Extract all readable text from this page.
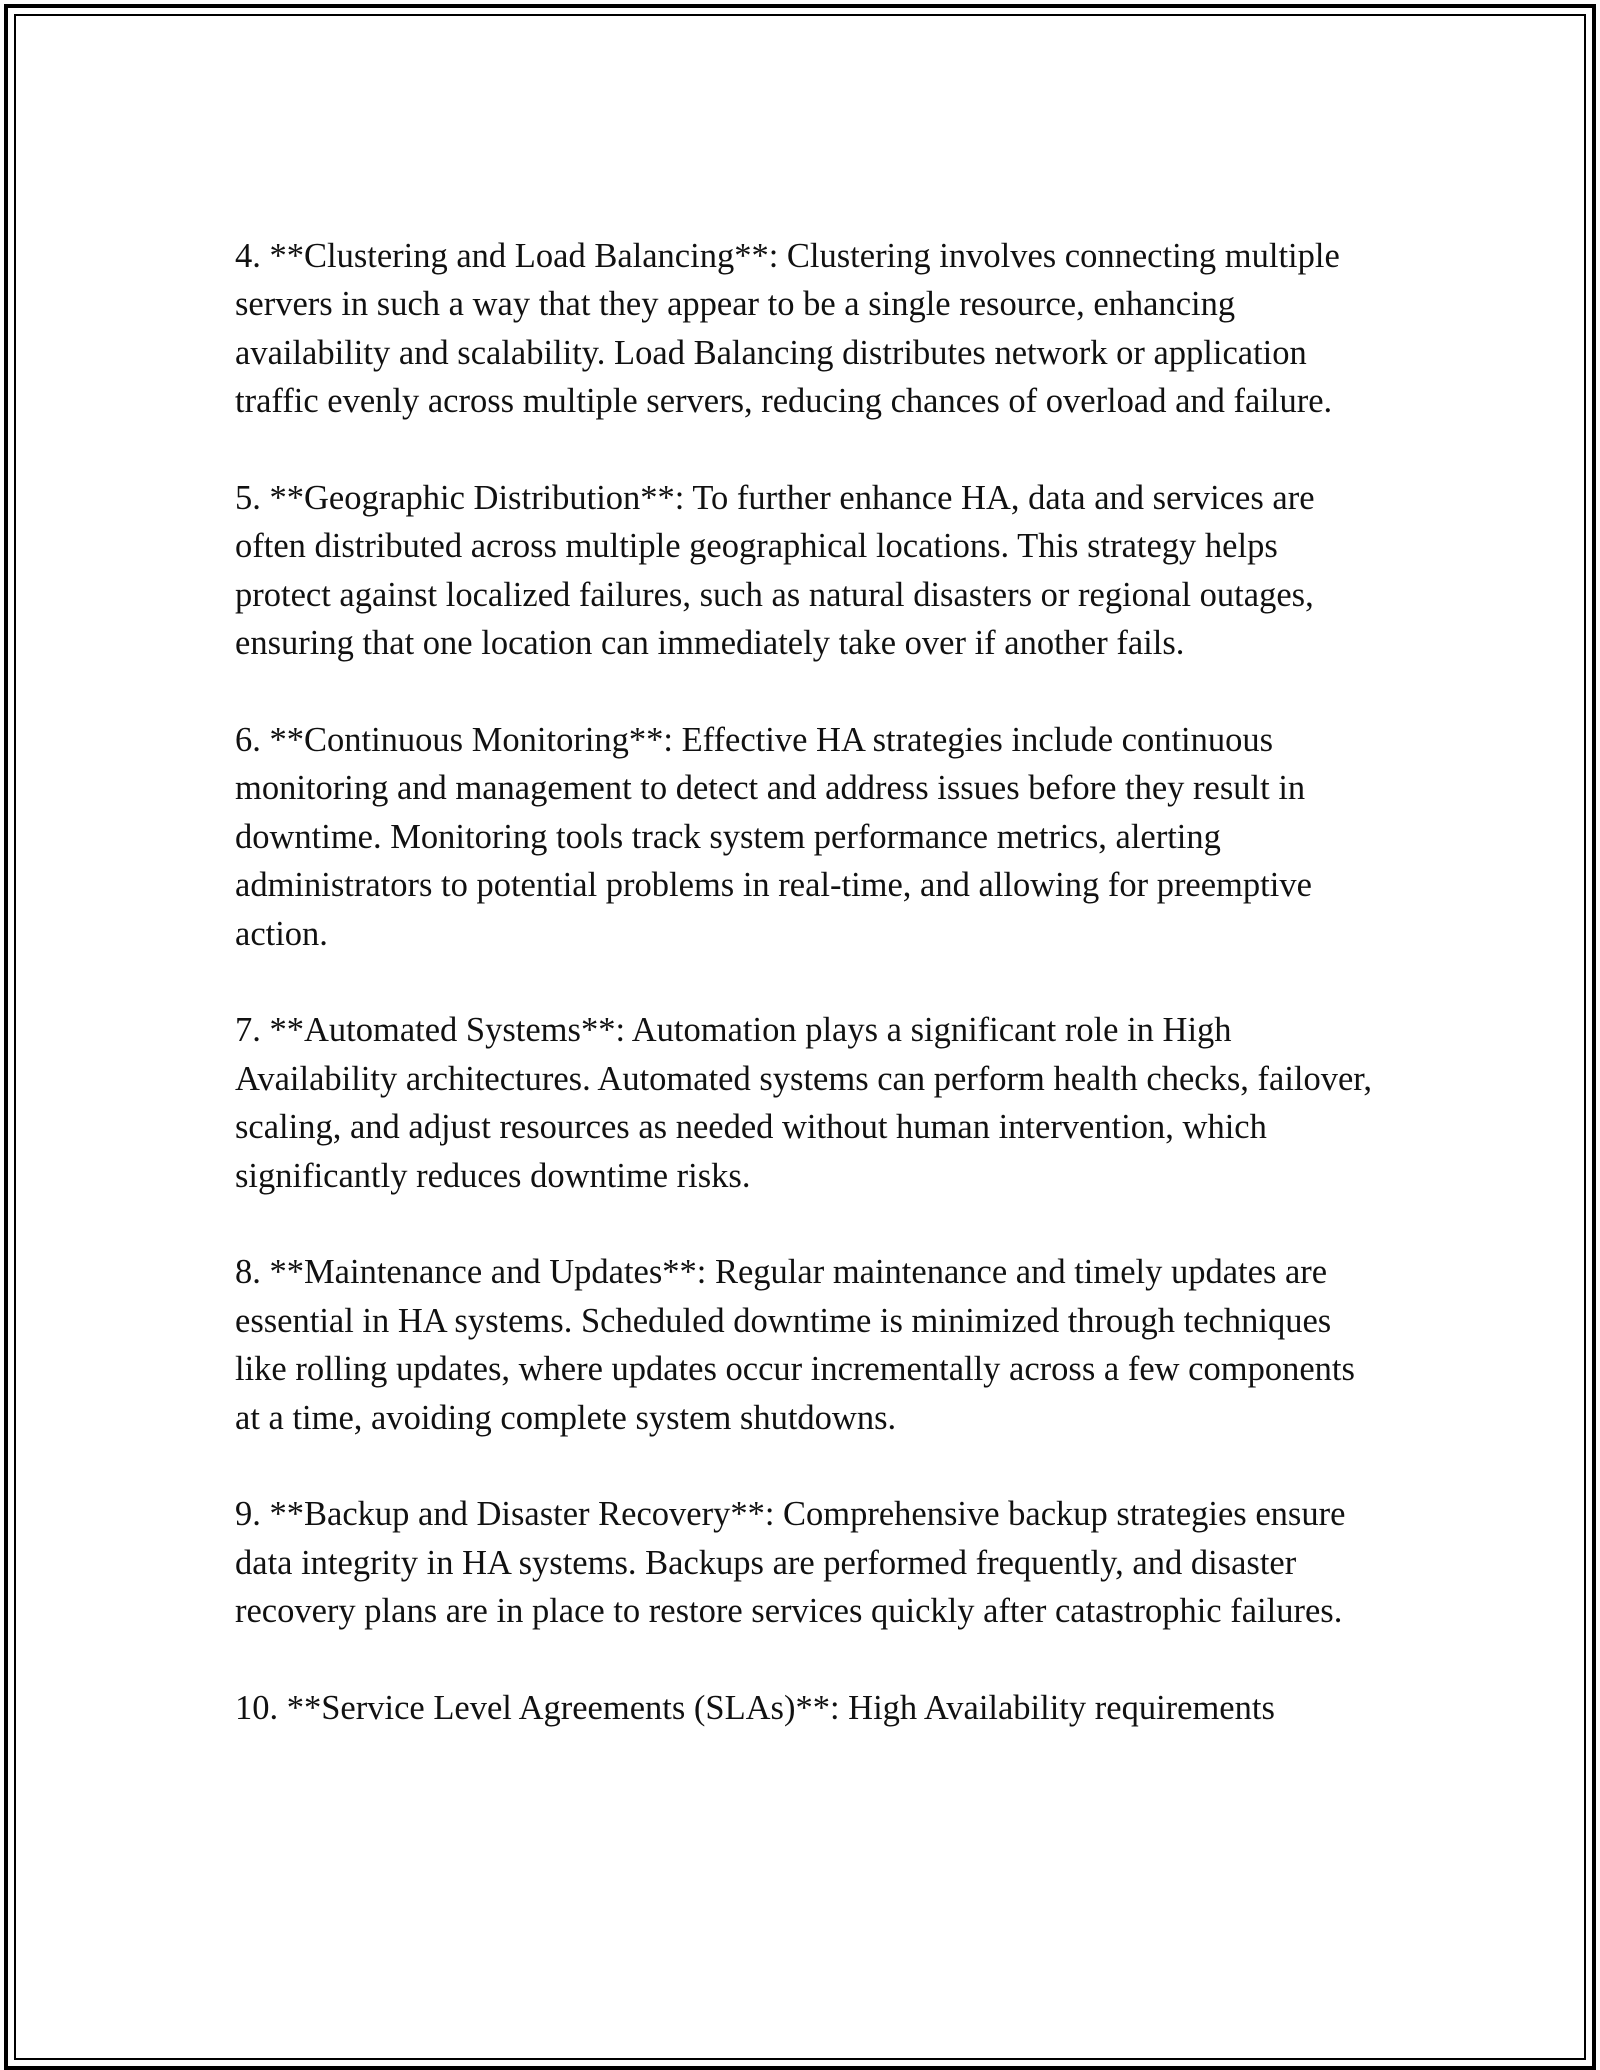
4. **Clustering and Load Balancing**: Clustering involves connecting multiple servers in such a way that they appear to be a single resource, enhancing availability and scalability. Load Balancing distributes network or application traffic evenly across multiple servers, reducing chances of overload and failure.

5. **Geographic Distribution**: To further enhance HA, data and services are often distributed across multiple geographical locations. This strategy helps protect against localized failures, such as natural disasters or regional outages, ensuring that one location can immediately take over if another fails.

6. **Continuous Monitoring**: Effective HA strategies include continuous monitoring and management to detect and address issues before they result in downtime. Monitoring tools track system performance metrics, alerting administrators to potential problems in real-time, and allowing for preemptive action.

7. **Automated Systems**: Automation plays a significant role in High Availability architectures. Automated systems can perform health checks, failover, scaling, and adjust resources as needed without human intervention, which significantly reduces downtime risks.

8. **Maintenance and Updates**: Regular maintenance and timely updates are essential in HA systems. Scheduled downtime is minimized through techniques like rolling updates, where updates occur incrementally across a few components at a time, avoiding complete system shutdowns.

9. **Backup and Disaster Recovery**: Comprehensive backup strategies ensure data integrity in HA systems. Backups are performed frequently, and disaster recovery plans are in place to restore services quickly after catastrophic failures.

10. **Service Level Agreements (SLAs)**: High Availability requirements
